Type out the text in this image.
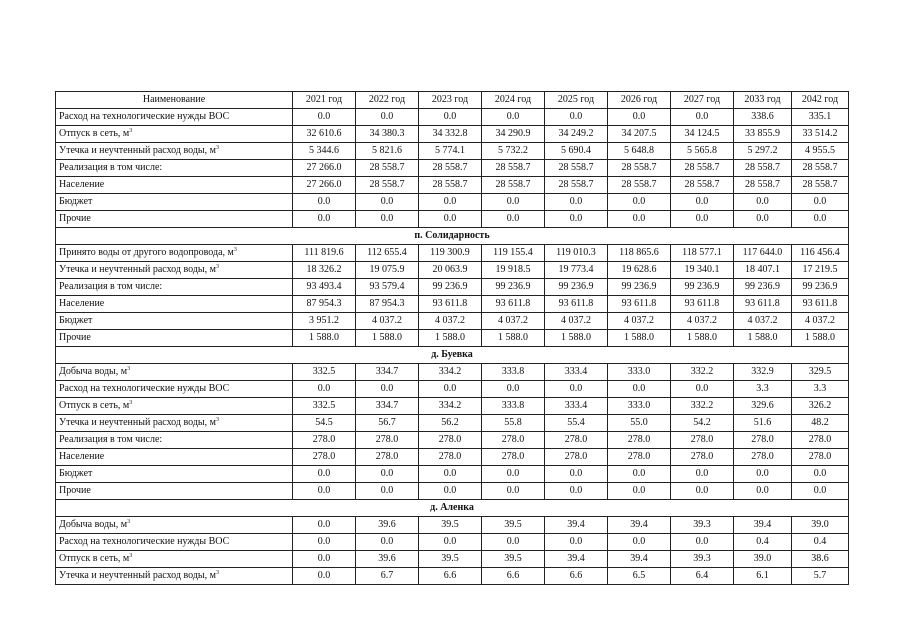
Наименование	2021 год	2022 год	2023 год	2024 год	2025 год	2026 год	2027 год	2033 год	2042 год
Расход на технологические нужды ВОС	0.0	0.0	0.0	0.0	0.0	0.0	0.0	338.6	335.1
Отпуск в сеть, $м^3$	32 610.6	34 380.3	34 332.8	34 290.9	34 249.2	34 207.5	34 124.5	33 855.9	33 514.2
Утечка и неучтенный расход воды, $м^3$	5 344.6	5 821.6	5 774.1	5 732.2	5 690.4	5 648.8	5 565.8	5 297.2	4 955.5
Реализация в том числе:	27 266.0	28 558.7	28 558.7	28 558.7	28 558.7	28 558.7	28 558.7	28 558.7	28 558.7
Население	27 266.0	28 558.7	28 558.7	28 558.7	28 558.7	28 558.7	28 558.7	28 558.7	28 558.7
Бюджет	0.0	0.0	0.0	0.0	0.0	0.0	0.0	0.0	0.0
Прочие	0.0	0.0	0.0	0.0	0.0	0.0	0.0	0.0	0.0
п. Солидарность									
Принято воды от другого водопровода, $м^3$	111 819.6	112 655.4	119 300.9	119 155.4	119 010.3	118 865.6	118 577.1	117 644.0	116 456.4
Утечка и неучтенный расход воды, $м^3$	18 326.2	19 075.9	20 063.9	19 918.5	19 773.4	19 628.6	19 340.1	18 407.1	17 219.5
Реализация в том числе:	93 493.4	93 579.4	99 236.9	99 236.9	99 236.9	99 236.9	99 236.9	99 236.9	99 236.9
Население	87 954.3	87 954.3	93 611.8	93 611.8	93 611.8	93 611.8	93 611.8	93 611.8	93 611.8
Бюджет	3 951.2	4 037.2	4 037.2	4 037.2	4 037.2	4 037.2	4 037.2	4 037.2	4 037.2
Прочие	1 588.0	1 588.0	1 588.0	1 588.0	1 588.0	1 588.0	1 588.0	1 588.0	1 588.0
д. Буевка									
Добыча воды, $м^3$	332.5	334.7	334.2	333.8	333.4	333.0	332.2	332.9	329.5
Расход на технологические нужды ВОС	0.0	0.0	0.0	0.0	0.0	0.0	0.0	3.3	3.3
Отпуск в сеть, $м^3$	332.5	334.7	334.2	333.8	333.4	333.0	332.2	329.6	326.2
Утечка и неучтенный расход воды, $м^3$	54.5	56.7	56.2	55.8	55.4	55.0	54.2	51.6	48.2
Реализация в том числе:	278.0	278.0	278.0	278.0	278.0	278.0	278.0	278.0	278.0
Население	278.0	278.0	278.0	278.0	278.0	278.0	278.0	278.0	278.0
Бюджет	0.0	0.0	0.0	0.0	0.0	0.0	0.0	0.0	0.0
Прочие	0.0	0.0	0.0	0.0	0.0	0.0	0.0	0.0	0.0
д. Аленка									
Добыча воды, $м^3$	0.0	39.6	39.5	39.5	39.4	39.4	39.3	39.4	39.0
Расход на технологические нужды ВОС	0.0	0.0	0.0	0.0	0.0	0.0	0.0	0.4	0.4
Отпуск в сеть, $м^3$	0.0	39.6	39.5	39.5	39.4	39.4	39.3	39.0	38.6
Утечка и неучтенный расход воды, $м^3$	0.0	6.7	6.6	6.6	6.6	6.5	6.4	6.1	5.7
